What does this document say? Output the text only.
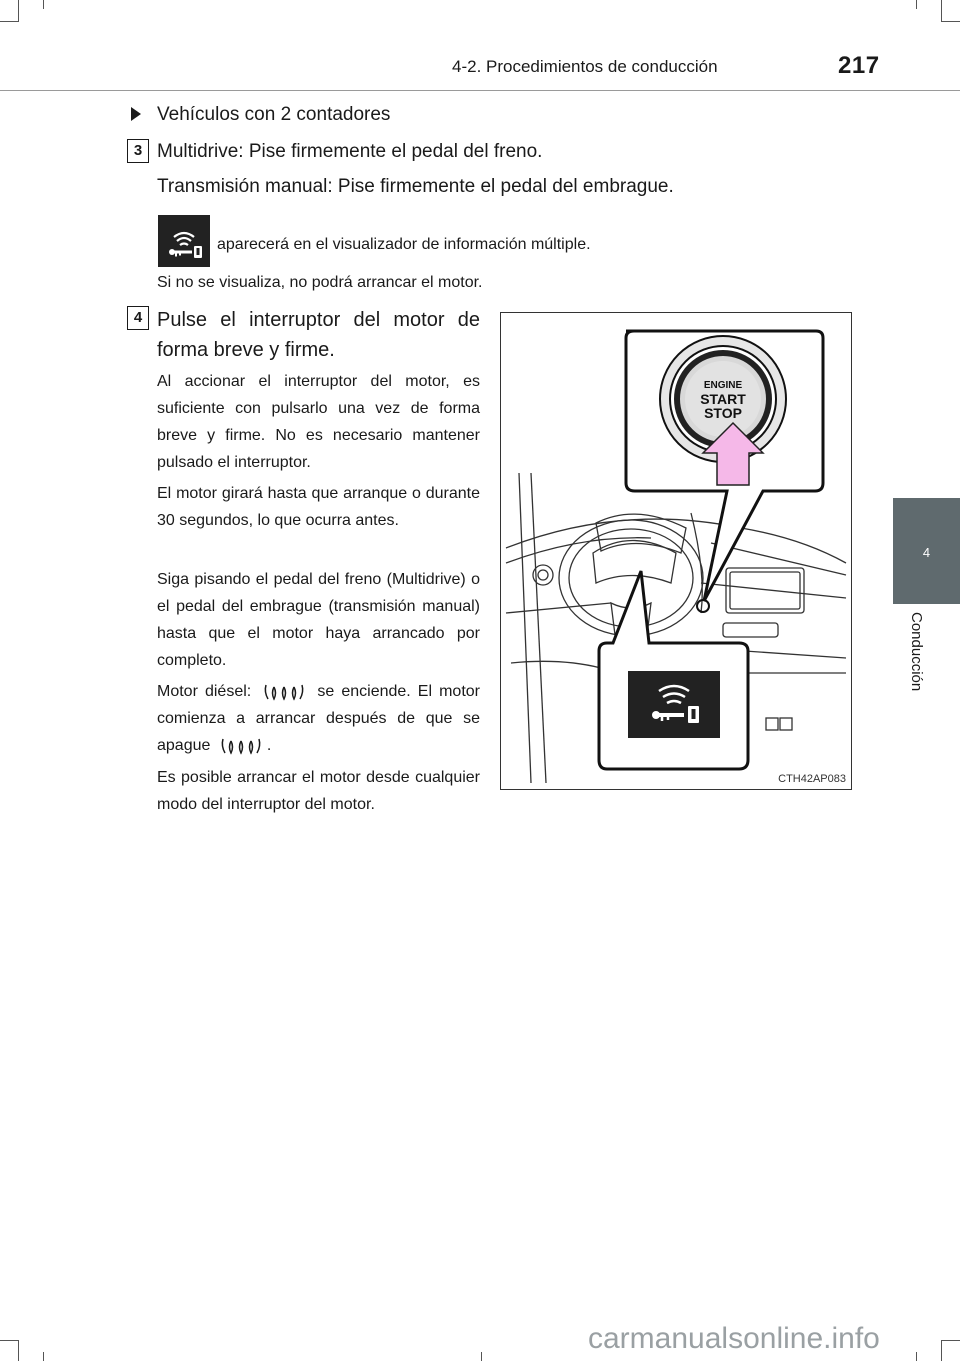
4-2. Procedimientos de conducción	217
4
Conducción
Vehículos con 2 contadores
3 Multidrive: Pise firmemente el pedal del freno.
Transmisión manual: Pise firmemente el pedal del embrague.
aparecerá en el visualizador de información múltiple.
Si no se visualiza, no podrá arrancar el motor.
4 Pulse el interruptor del motor de forma breve y firme.
Al accionar el interruptor del motor, es suficiente con pulsarlo una vez de forma breve y firme. No es necesario mantener pulsado el interruptor.
El motor girará hasta que arranque o durante 30 segundos, lo que ocurra antes.
Siga pisando el pedal del freno (Multidrive) o el pedal del embrague (transmisión manual) hasta que el motor haya arrancado por completo.
Motor diésel:	se enciende. El motor comienza a arrancar después de que se apague	.
Es posible arrancar el motor desde cualquier modo del interruptor del motor.
ENGINE
START
STOP
CTH42AP083
carmanualsonline.info
